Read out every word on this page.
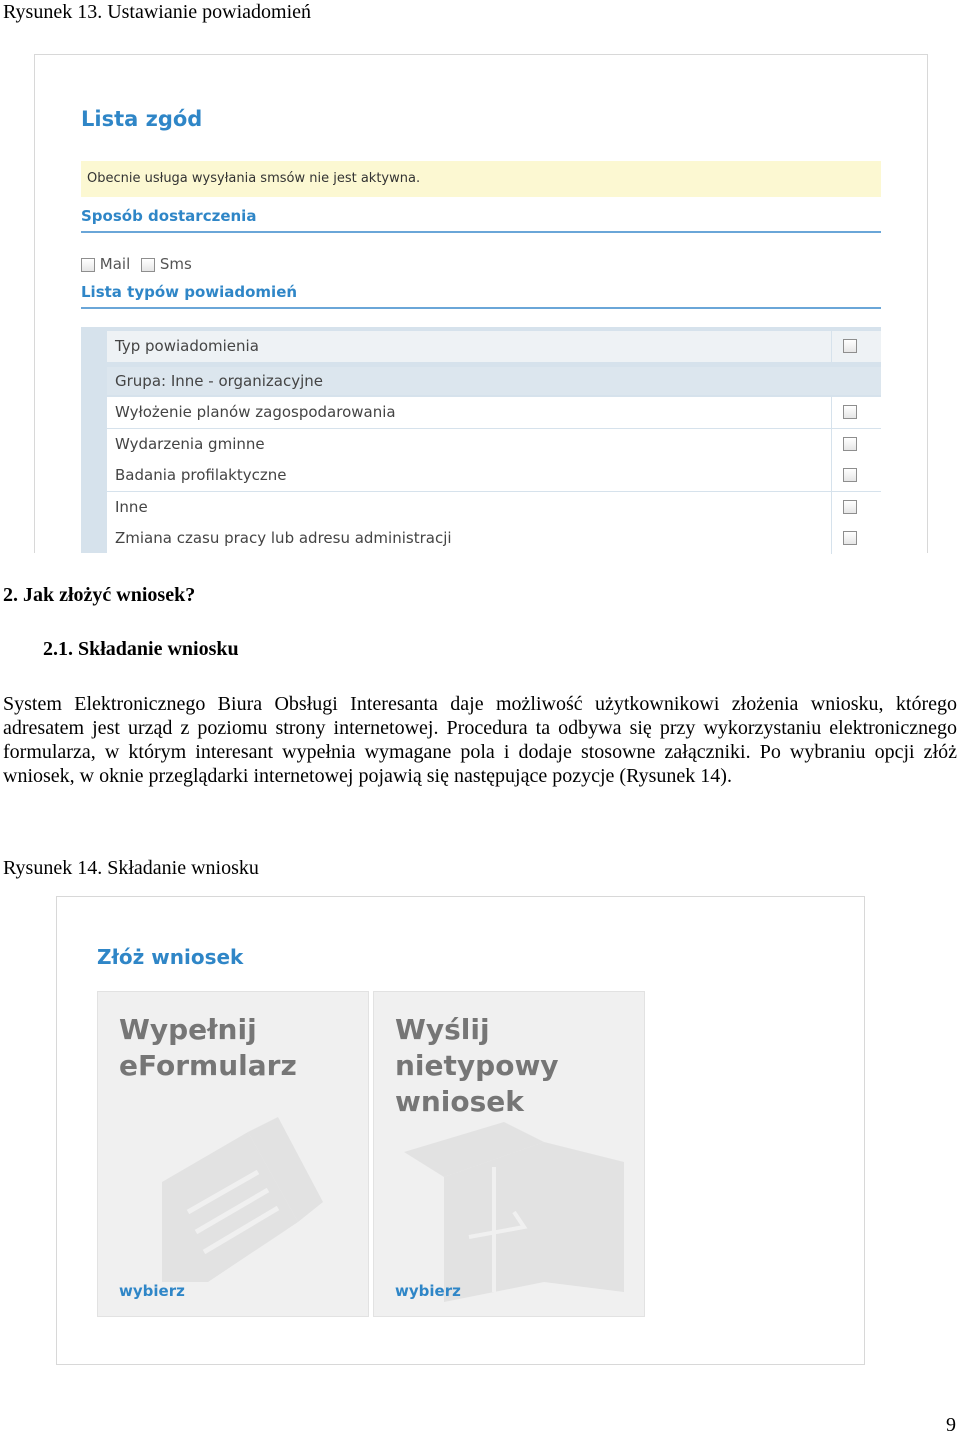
Rysunek 13. Ustawianie powiadomień
Lista zgód
Obecnie usługa wysyłania smsów nie jest aktywna.
Sposób dostarczenia
Mail Sms
Lista typów powiadomień
Typ powiadomienia
Grupa: Inne - organizacyjne
Wyłożenie planów zagospodarowania
Wydarzenia gminne
Badania profilaktyczne
Inne
Zmiana czasu pracy lub adresu administracji
2. Jak złożyć wniosek?
2.1. Składanie wniosku
System Elektronicznego Biura Obsługi Interesanta daje możliwość użytkownikowi złożenia wniosku, którego adresatem jest urząd z poziomu strony internetowej. Procedura ta odbywa się przy wykorzystaniu elektronicznego formularza, w którym interesant wypełnia wymagane pola i dodaje stosowne załączniki. Po wybraniu opcji złóż wniosek, w oknie przeglądarki internetowej pojawią się następujące pozycje (Rysunek 14).
Rysunek 14. Składanie wniosku
Złóż wniosek
Wypełnij
eFormularz
wybierz
Wyślij nietypowy
wniosek
wybierz
9
